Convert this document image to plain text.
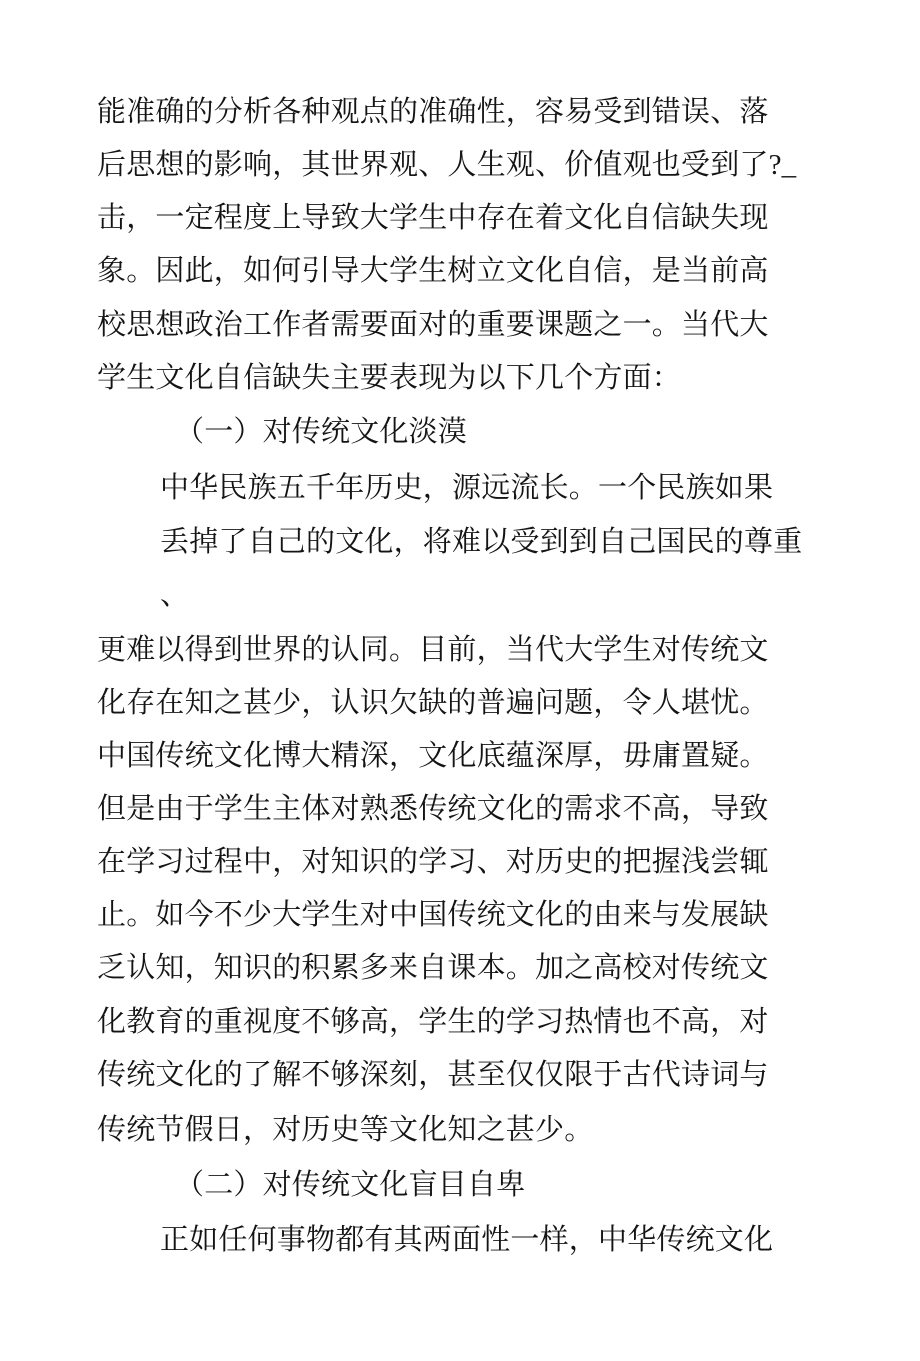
能准确的分析各种观点的准确性，容易受到错误、落
后思想的影响，其世界观、人生观、价值观也受到了?_
击，一定程度上导致大学生中存在着文化自信缺失现
象。因此，如何引导大学生树立文化自信，是当前高
校思想政治工作者需要面对的重要课题之一。当代大
学生文化自信缺失主要表现为以下几个方面：
（一）对传统文化淡漠
中华民族五千年历史，源远流长。一个民族如果
丢掉了自己的文化，将难以受到到自己国民的尊重
、
更难以得到世界的认同。目前，当代大学生对传统文
化存在知之甚少，认识欠缺的普遍问题，令人堪忧。
中国传统文化博大精深，文化底蕴深厚，毋庸置疑。
但是由于学生主体对熟悉传统文化的需求不高，导致
在学习过程中，对知识的学习、对历史的把握浅尝辄
止。如今不少大学生对中国传统文化的由来与发展缺
乏认知，知识的积累多来自课本。加之高校对传统文
化教育的重视度不够高，学生的学习热情也不高，对
传统文化的了解不够深刻，甚至仅仅限于古代诗词与
传统节假日，对历史等文化知之甚少。
（二）对传统文化盲目自卑
正如任何事物都有其两面性一样，中华传统文化
